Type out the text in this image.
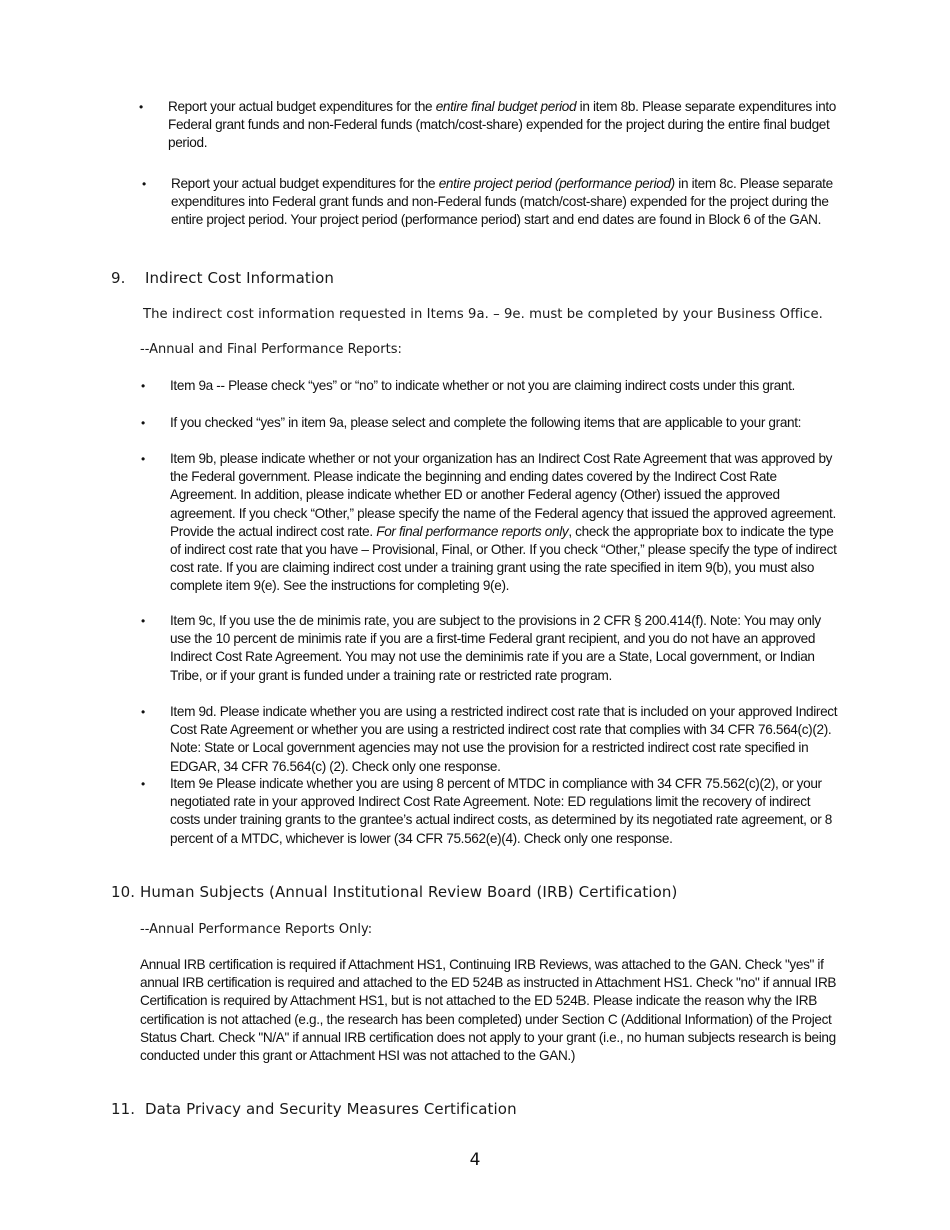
• Report your actual budget expenditures for the entire final budget period in item 8b. Please separate expenditures into Federal grant funds and non-Federal funds (match/cost-share) expended for the project during the entire final budget period.

• Report your actual budget expenditures for the entire project period (performance period) in item 8c. Please separate expenditures into Federal grant funds and non-Federal funds (match/cost-share) expended for the project during the entire project period. Your project period (performance period) start and end dates are found in Block 6 of the GAN.

9. Indirect Cost Information
The indirect cost information requested in Items 9a. – 9e. must be completed by your Business Office.
--Annual and Final Performance Reports:
• Item 9a -- Please check “yes” or “no” to indicate whether or not you are claiming indirect costs under this grant.

• If you checked “yes” in item 9a, please select and complete the following items that are applicable to your grant:

• Item 9b, please indicate whether or not your organization has an Indirect Cost Rate Agreement that was approved by the Federal government. Please indicate the beginning and ending dates covered by the Indirect Cost Rate Agreement. In addition, please indicate whether ED or another Federal agency (Other) issued the approved agreement. If you check “Other,” please specify the name of the Federal agency that issued the approved agreement. Provide the actual indirect cost rate. For final performance reports only, check the appropriate box to indicate the type of indirect cost rate that you have – Provisional, Final, or Other. If you check “Other,” please specify the type of indirect cost rate. If you are claiming indirect cost under a training grant using the rate specified in item 9(b), you must also complete item 9(e). See the instructions for completing 9(e).

• Item 9c, If you use the de minimis rate, you are subject to the provisions in 2 CFR § 200.414(f). Note: You may only use the 10 percent de minimis rate if you are a first-time Federal grant recipient, and you do not have an approved Indirect Cost Rate Agreement. You may not use the deminimis rate if you are a State, Local government, or Indian Tribe, or if your grant is funded under a training rate or restricted rate program.

• Item 9d. Please indicate whether you are using a restricted indirect cost rate that is included on your approved Indirect Cost Rate Agreement or whether you are using a restricted indirect cost rate that complies with 34 CFR 76.564(c)(2). Note: State or Local government agencies may not use the provision for a restricted indirect cost rate specified in EDGAR, 34 CFR 76.564(c) (2). Check only one response.

• Item 9e Please indicate whether you are using 8 percent of MTDC in compliance with 34 CFR 75.562(c)(2), or your negotiated rate in your approved Indirect Cost Rate Agreement. Note: ED regulations limit the recovery of indirect costs under training grants to the grantee’s actual indirect costs, as determined by its negotiated rate agreement, or 8 percent of a MTDC, whichever is lower (34 CFR 75.562(e)(4). Check only one response.

10. Human Subjects (Annual Institutional Review Board (IRB) Certification)
--Annual Performance Reports Only:
Annual IRB certification is required if Attachment HS1, Continuing IRB Reviews, was attached to the GAN. Check "yes" if annual IRB certification is required and attached to the ED 524B as instructed in Attachment HS1. Check "no" if annual IRB Certification is required by Attachment HS1, but is not attached to the ED 524B. Please indicate the reason why the IRB certification is not attached (e.g., the research has been completed) under Section C (Additional Information) of the Project Status Chart. Check "N/A" if annual IRB certification does not apply to your grant (i.e., no human subjects research is being conducted under this grant or Attachment HSI was not attached to the GAN.)
11. Data Privacy and Security Measures Certification
4
